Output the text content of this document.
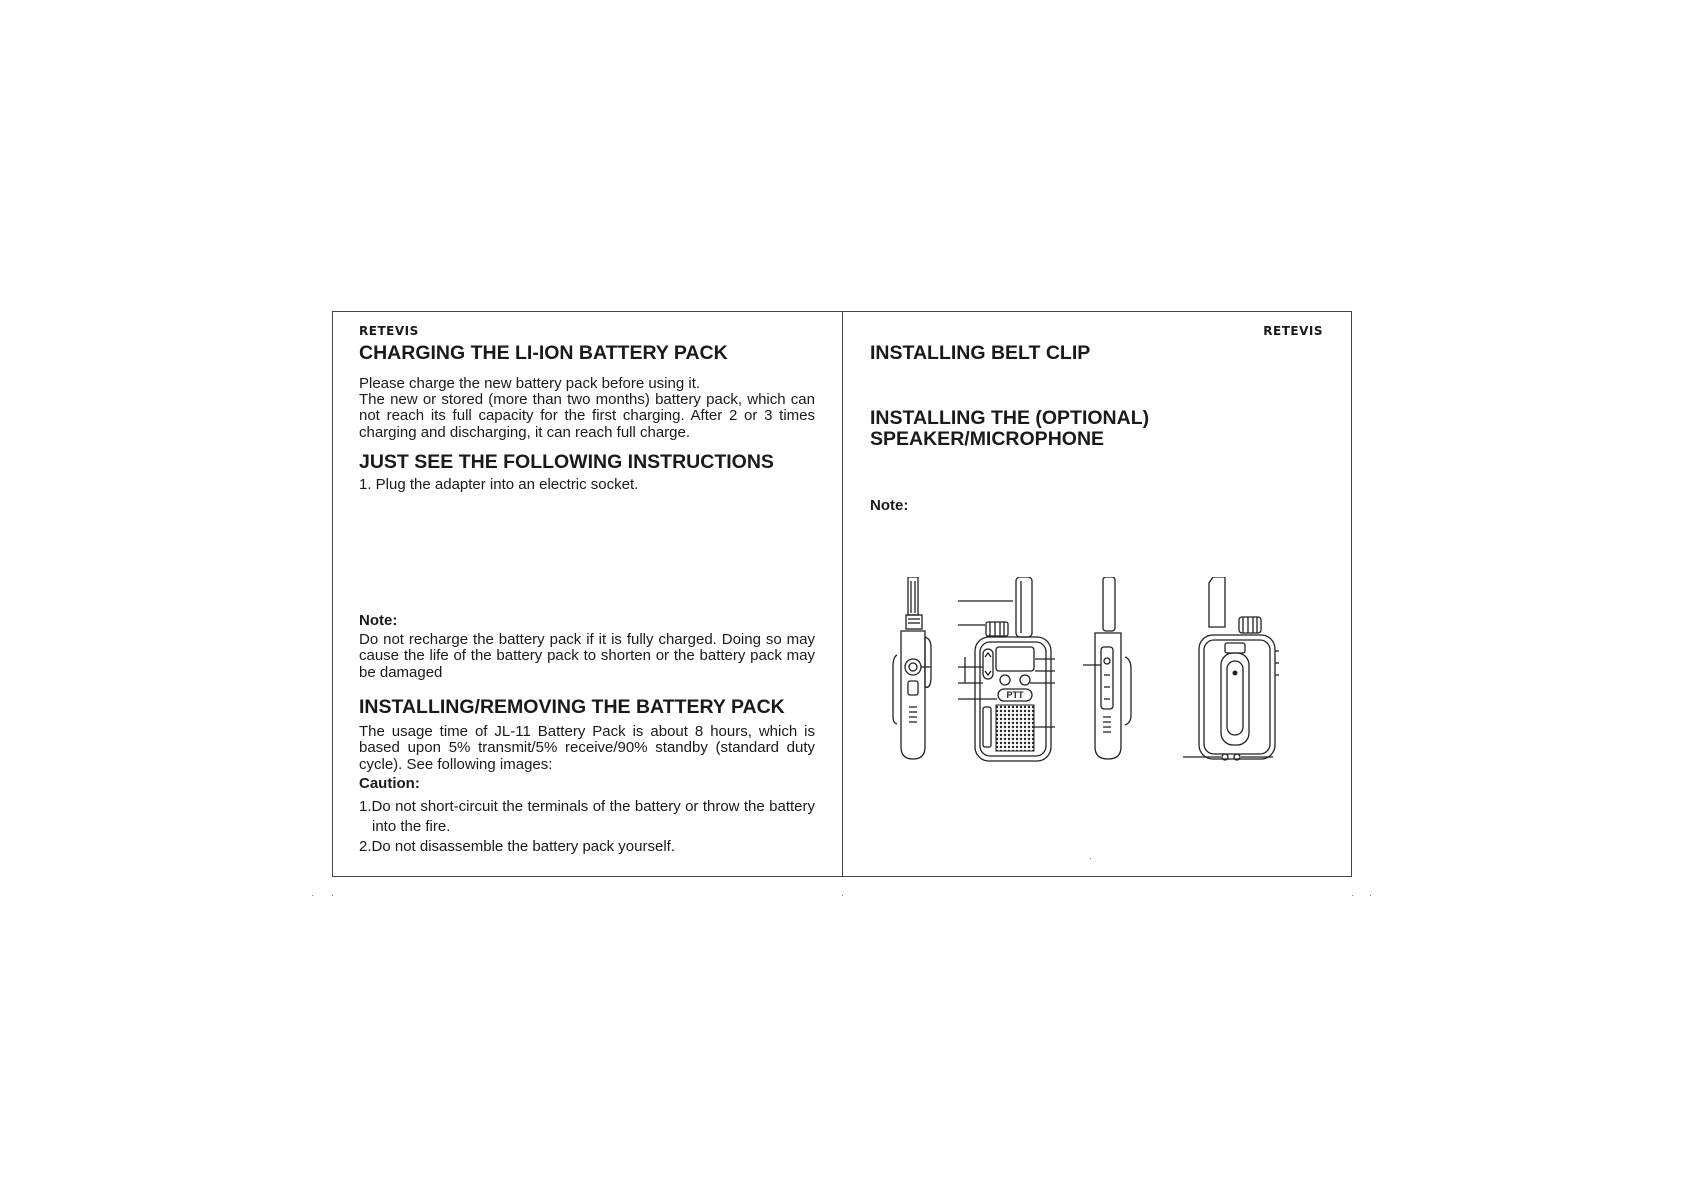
RETEVIS
CHARGING THE LI-ION BATTERY PACK

Please charge the new battery pack before using it.

The new or stored (more than two months) battery pack, which can not reach its full capacity for the first charging. After 2 or 3 times charging and discharging, it can reach full charge.

JUST SEE THE FOLLOWING INSTRUCTIONS

1. Plug the adapter into an electric socket.

Note:

Do not recharge the battery pack if it is fully charged. Doing so may cause the life of the battery pack to shorten or the battery pack may be damaged

INSTALLING/REMOVING THE BATTERY PACK

The usage time of JL-11 Battery Pack is about 8 hours, which is based upon 5% transmit/5% receive/90% standby (standard duty cycle). See following images:

Caution:

1.Do not short-circuit the terminals of the battery or throw the battery into the fire.

2.Do not disassemble the battery pack yourself.

RETEVIS
INSTALLING BELT CLIP
INSTALLING THE (OPTIONAL)
SPEAKER/MICROPHONE

Note:

PTT
